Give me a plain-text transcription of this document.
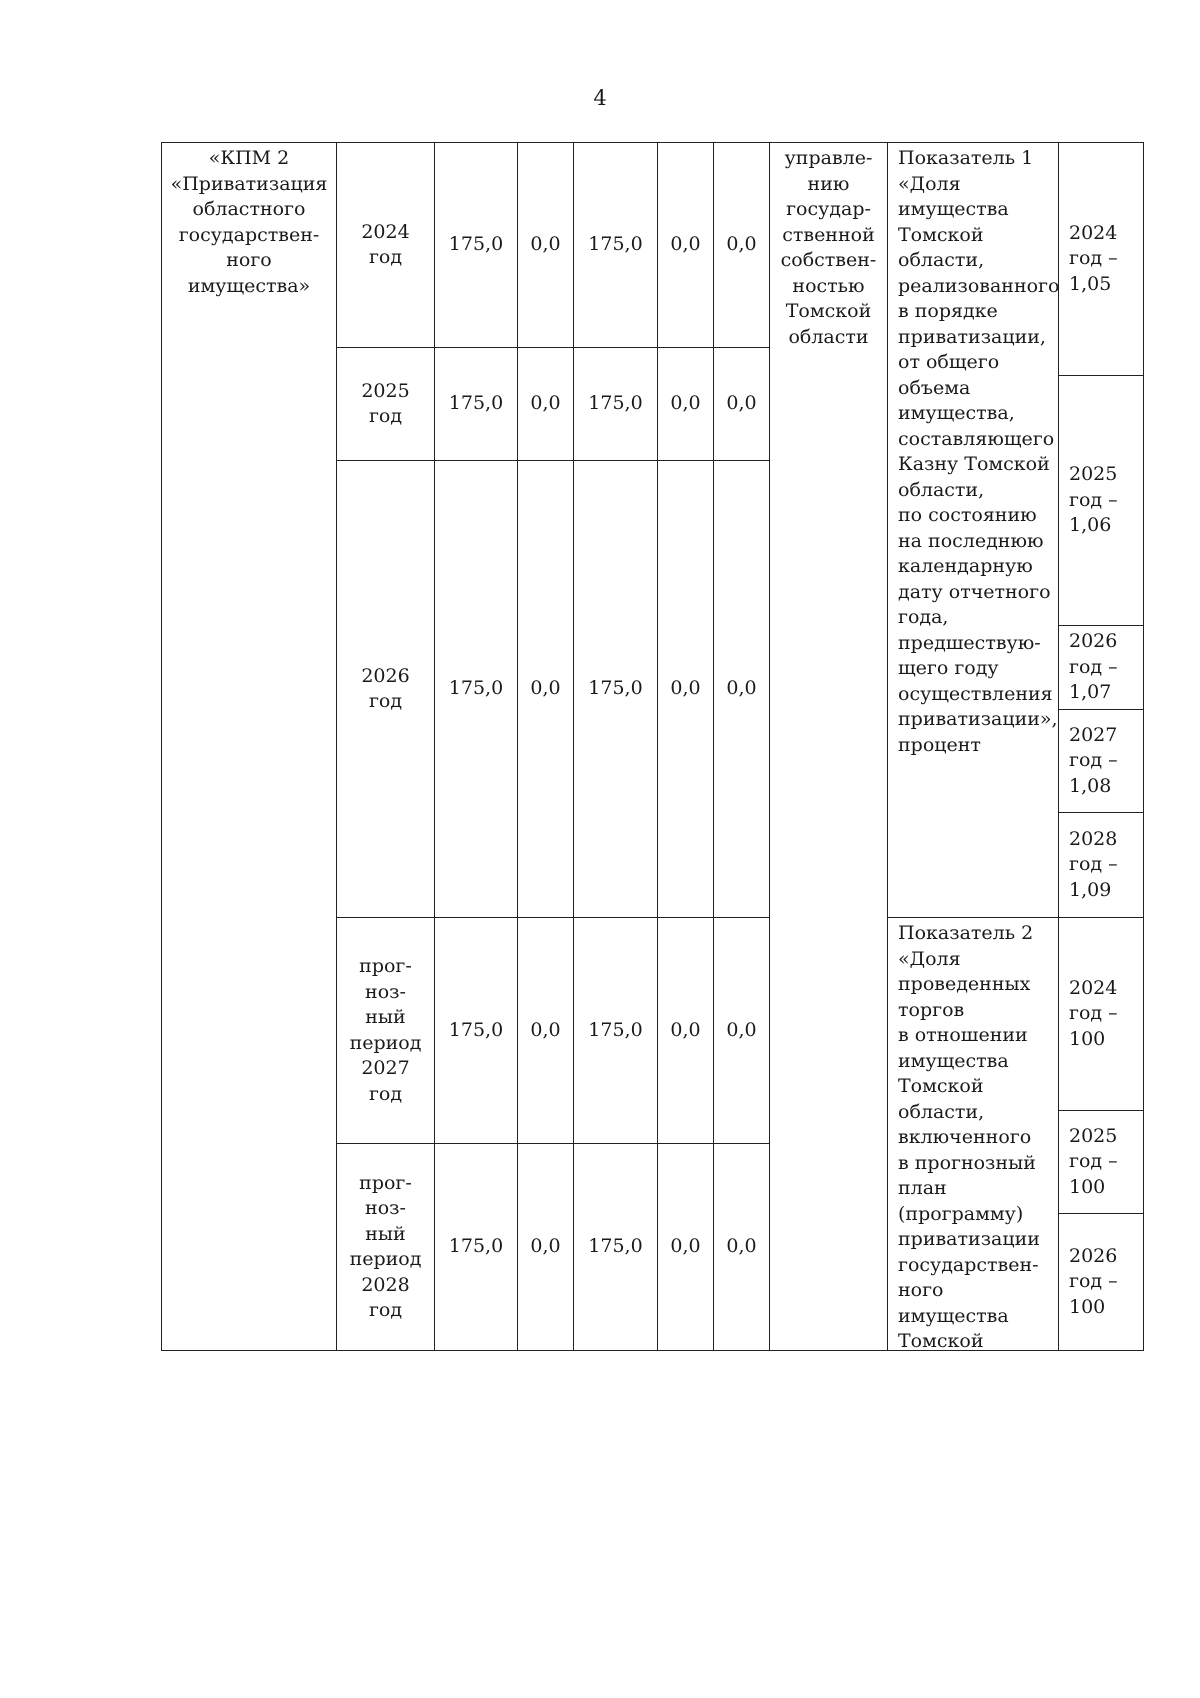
4
«КПМ 2
«Приватизация
областного
государствен-
ного
имущества»
2024
год
175,0 0,0 175,0 0,0 0,0
2025
год
175,0 0,0 175,0 0,0 0,0
2026
год
175,0 0,0 175,0 0,0 0,0
прог-
ноз-
ный
период
2027
год
175,0 0,0 175,0 0,0 0,0
прог-
ноз-
ный
период
2028
год
175,0 0,0 175,0 0,0 0,0
управле-
нию
государ-
ственной
собствен-
ностью
Томской
области
Показатель 1
«Доля
имущества
Томской
области,
реализованного
в порядке
приватизации,
от общего
объема
имущества,
составляющего
Казну Томской
области,
по состоянию
на последнюю
календарную
дату отчетного
года,
предшествую-
щего году
осуществления
приватизации»,
процент
2024
год –
1,05
2025
год –
1,06
2026
год –
1,07
2027
год –
1,08
2028
год –
1,09
Показатель 2
«Доля
проведенных
торгов
в отношении
имущества
Томской
области,
включенного
в прогнозный
план
(программу)
приватизации
государствен-
ного
имущества
Томской
2024
год –
100
2025
год –
100
2026
год –
100
